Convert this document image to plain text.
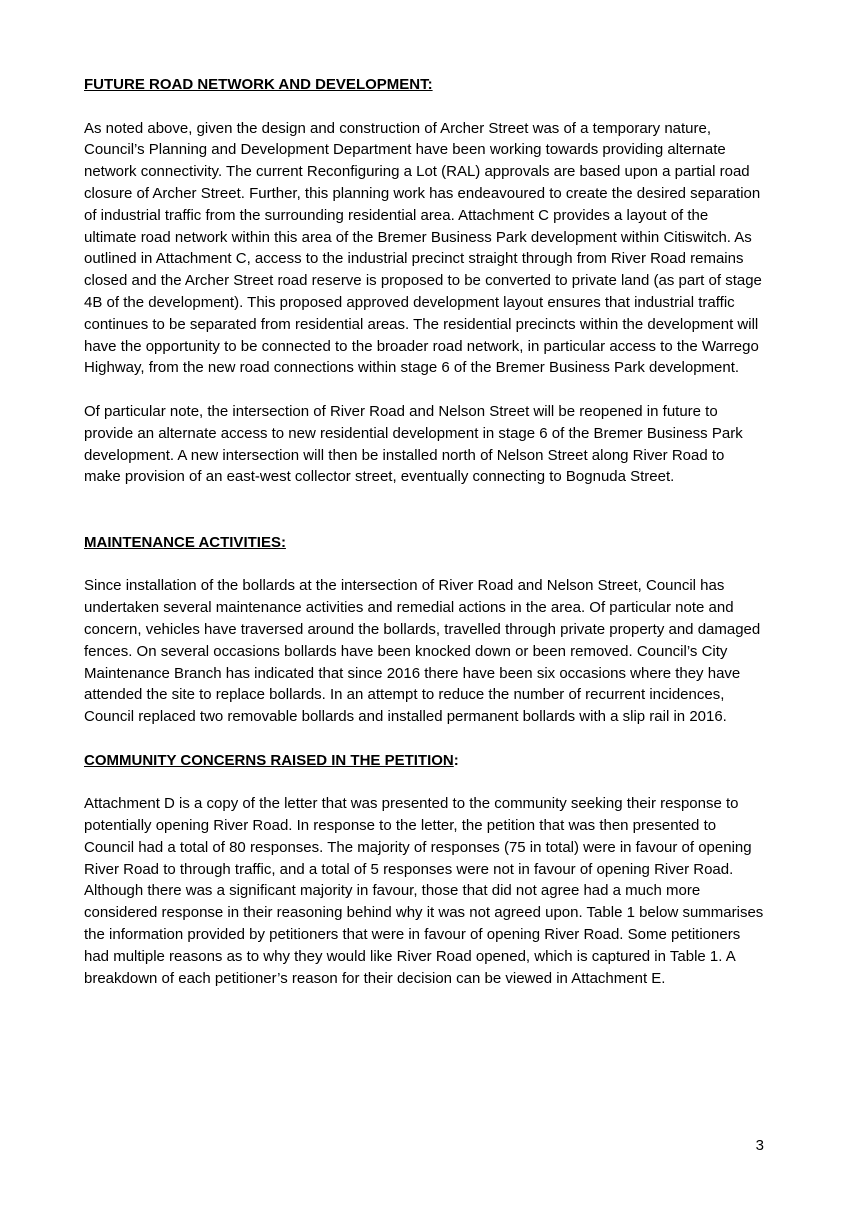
FUTURE ROAD NETWORK AND DEVELOPMENT:

As noted above, given the design and construction of Archer Street was of a temporary nature, Council’s Planning and Development Department have been working towards providing alternate network connectivity. The current Reconfiguring a Lot (RAL) approvals are based upon a partial road closure of Archer Street. Further, this planning work has endeavoured to create the desired separation of industrial traffic from the surrounding residential area. Attachment C provides a layout of the ultimate road network within this area of the Bremer Business Park development within Citiswitch. As outlined in Attachment C, access to the industrial precinct straight through from River Road remains closed and the Archer Street road reserve is proposed to be converted to private land (as part of stage 4B of the development). This proposed approved development layout ensures that industrial traffic continues to be separated from residential areas. The residential precincts within the development will have the opportunity to be connected to the broader road network, in particular access to the Warrego Highway, from the new road connections within stage 6 of the Bremer Business Park development.

Of particular note, the intersection of River Road and Nelson Street will be reopened in future to provide an alternate access to new residential development in stage 6 of the Bremer Business Park development. A new intersection will then be installed north of Nelson Street along River Road to make provision of an east-west collector street, eventually connecting to Bognuda Street.

MAINTENANCE ACTIVITIES:

Since installation of the bollards at the intersection of River Road and Nelson Street, Council has undertaken several maintenance activities and remedial actions in the area. Of particular note and concern, vehicles have traversed around the bollards, travelled through private property and damaged fences. On several occasions bollards have been knocked down or been removed. Council’s City Maintenance Branch has indicated that since 2016 there have been six occasions where they have attended the site to replace bollards. In an attempt to reduce the number of recurrent incidences, Council replaced two removable bollards and installed permanent bollards with a slip rail in 2016.

COMMUNITY CONCERNS RAISED IN THE PETITION:

Attachment D is a copy of the letter that was presented to the community seeking their response to potentially opening River Road. In response to the letter, the petition that was then presented to Council had a total of 80 responses. The majority of responses (75 in total) were in favour of opening River Road to through traffic, and a total of 5 responses were not in favour of opening River Road. Although there was a significant majority in favour, those that did not agree had a much more considered response in their reasoning behind why it was not agreed upon. Table 1 below summarises the information provided by petitioners that were in favour of opening River Road. Some petitioners had multiple reasons as to why they would like River Road opened, which is captured in Table 1. A breakdown of each petitioner’s reason for their decision can be viewed in Attachment E.

3
